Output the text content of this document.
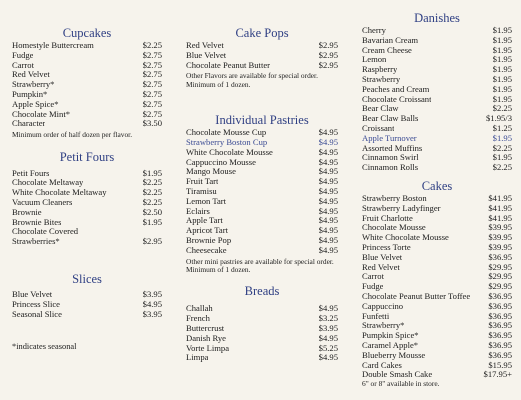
Cupcakes
Homestyle Buttercream	$2.25
Fudge	$2.75
Carrot	$2.75
Red Velvet	$2.75
Strawberry*	$2.75
Pumpkin*	$2.75
Apple Spice*	$2.75
Chocolate Mint*	$2.75
Character	$3.50
Minimum order of half dozen per flavor.
Petit Fours
Petit Fours	$1.95
Chocolate Meltaway	$2.25
White Chocolate Meltaway	$2.25
Vacuum Cleaners	$2.25
Brownie	$2.50
Brownie Bites	$1.95
Chocolate Covered
Strawberries*	$2.95
Slices
Blue Velvet	$3.95
Princess Slice	$4.95
Seasonal Slice	$3.95
*indicates seasonal
Cake Pops
Red Velvet	$2.95
Blue Velvet	$2.95
Chocolate Peanut Butter	$2.95
Other Flavors are available for special order. Minimum of 1 dozen.
Individual Pastries
Chocolate Mousse Cup	$4.95
Strawberry Boston Cup	$4.95
White Chocolate Mousse	$4.95
Cappuccino Mousse	$4.95
Mango Mouse	$4.95
Fruit Tart	$4.95
Tiramisu	$4.95
Lemon Tart	$4.95
Eclairs	$4.95
Apple Tart	$4.95
Apricot Tart	$4.95
Brownie Pop	$4.95
Cheesecake	$4.95
Other mini pastries are available for special order. Minimum of 1 dozen.
Breads
Challah	$4.95
French	$3.25
Buttercrust	$3.95
Danish Rye	$4.95
Vorte Limpa	$5.25
Limpa	$4.95
Danishes
Cherry	$1.95
Bavarian Cream	$1.95
Cream Cheese	$1.95
Lemon	$1.95
Raspberry	$1.95
Strawberry	$1.95
Peaches and Cream	$1.95
Chocolate Croissant	$1.95
Bear Claw	$2.25
Bear Claw Balls	$1.95/3
Croissant	$1.25
Apple Turnover	$1.95
Assorted Muffins	$2.25
Cinnamon Swirl	$1.95
Cinnamon Rolls	$2.25
Cakes
Strawberry Boston	$41.95
Strawberry Ladyfinger	$41.95
Fruit Charlotte	$41.95
Chocolate Mousse	$39.95
White Chocolate Mousse	$39.95
Princess Torte	$39.95
Blue Velvet	$36.95
Red Velvet	$29.95
Carrot	$29.95
Fudge	$29.95
Chocolate Peanut Butter Toffee $36.95
Cappuccino	$36.95
Funfetti	$36.95
Strawberry*	$36.95
Pumpkin Spice*	$36.95
Caramel Apple*	$36.95
Blueberry Mousse	$36.95
Card Cakes	$15.95
Double Smash Cake	$17.95+
6" or 8" available in store.
